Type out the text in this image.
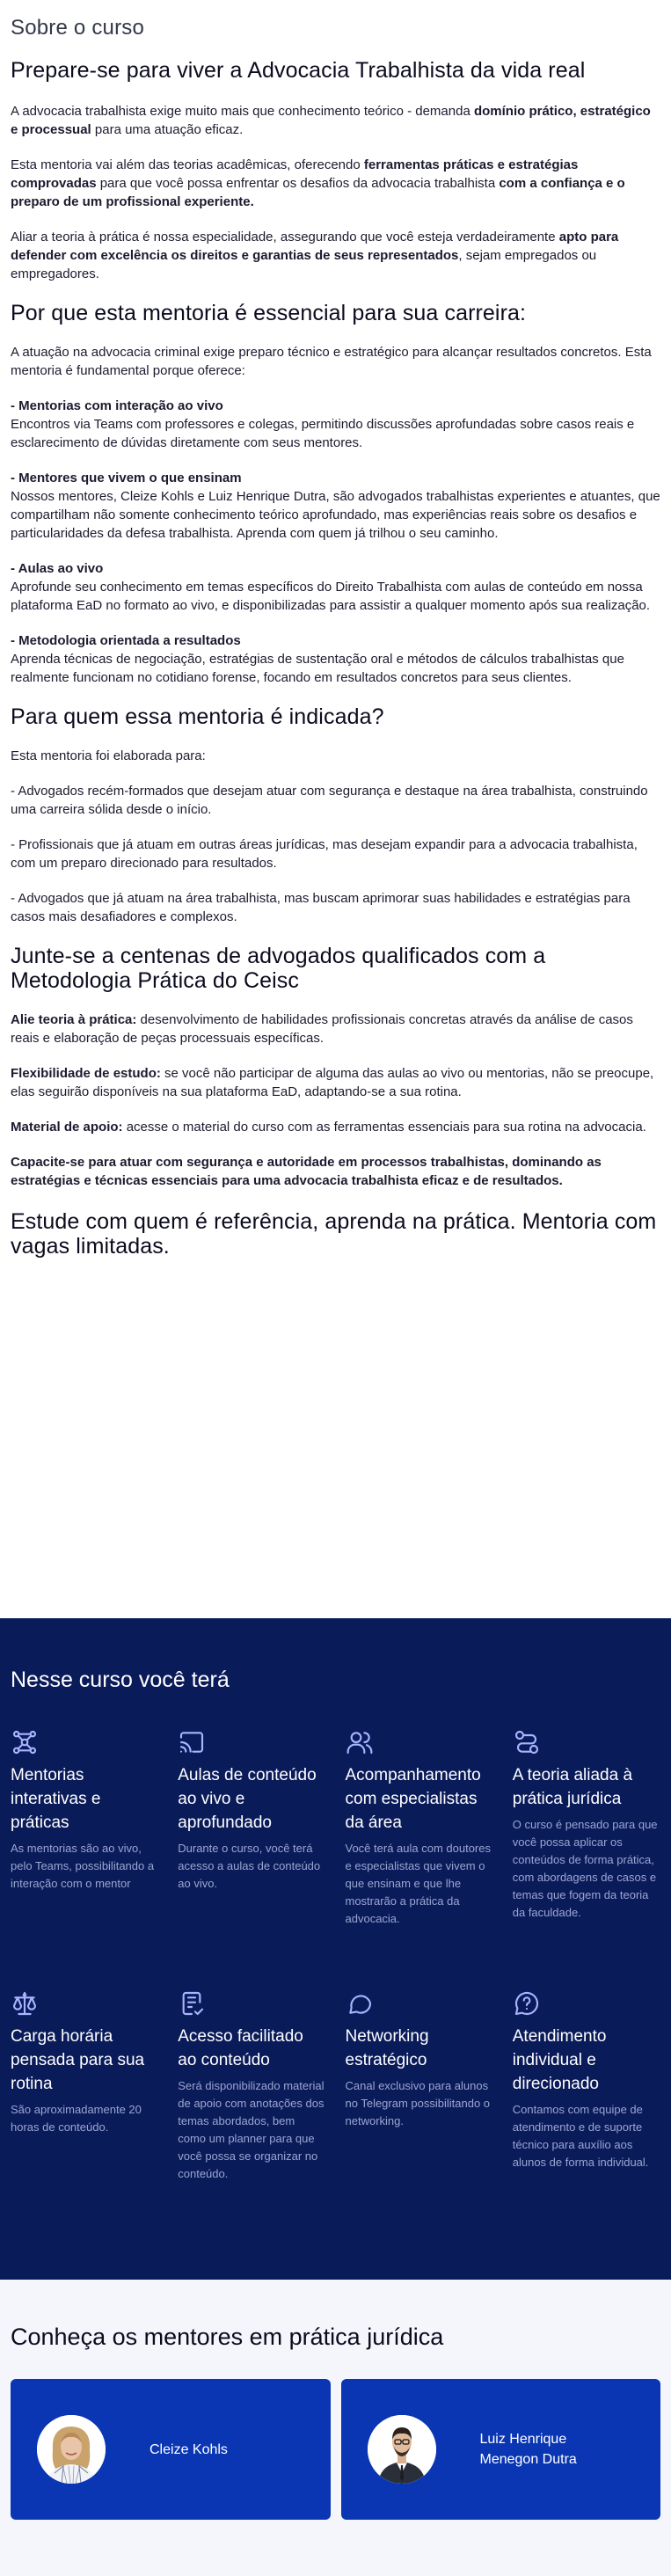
Sobre o curso
Prepare-se para viver a Advocacia Trabalhista da vida real

A advocacia trabalhista exige muito mais que conhecimento teórico - demanda domínio prático, estratégico e processual para uma atuação eficaz.

Esta mentoria vai além das teorias acadêmicas, oferecendo ferramentas práticas e estratégias comprovadas para que você possa enfrentar os desafios da advocacia trabalhista com a confiança e o preparo de um profissional experiente.

Aliar a teoria à prática é nossa especialidade, assegurando que você esteja verdadeiramente apto para defender com excelência os direitos e garantias de seus representados, sejam empregados ou empregadores.

Por que esta mentoria é essencial para sua carreira:

A atuação na advocacia criminal exige preparo técnico e estratégico para alcançar resultados concretos. Esta mentoria é fundamental porque oferece:

- Mentorias com interação ao vivo

Encontros via Teams com professores e colegas, permitindo discussões aprofundadas sobre casos reais e esclarecimento de dúvidas diretamente com seus mentores.

- Mentores que vivem o que ensinam

Nossos mentores, Cleize Kohls e Luiz Henrique Dutra, são advogados trabalhistas experientes e atuantes, que compartilham não somente conhecimento teórico aprofundado, mas experiências reais sobre os desafios e particularidades da defesa trabalhista. Aprenda com quem já trilhou o seu caminho.

- Aulas ao vivo

Aprofunde seu conhecimento em temas específicos do Direito Trabalhista com aulas de conteúdo em nossa plataforma EaD no formato ao vivo, e disponibilizadas para assistir a qualquer momento após sua realização.

- Metodologia orientada a resultados

Aprenda técnicas de negociação, estratégias de sustentação oral e métodos de cálculos trabalhistas que realmente funcionam no cotidiano forense, focando em resultados concretos para seus clientes.

Para quem essa mentoria é indicada?

Esta mentoria foi elaborada para:

- Advogados recém-formados que desejam atuar com segurança e destaque na área trabalhista, construindo uma carreira sólida desde o início.

- Profissionais que já atuam em outras áreas jurídicas, mas desejam expandir para a advocacia trabalhista, com um preparo direcionado para resultados.

- Advogados que já atuam na área trabalhista, mas buscam aprimorar suas habilidades e estratégias para casos mais desafiadores e complexos.

Junte-se a centenas de advogados qualificados com a Metodologia Prática do Ceisc

Alie teoria à prática: desenvolvimento de habilidades profissionais concretas através da análise de casos reais e elaboração de peças processuais específicas.

Flexibilidade de estudo: se você não participar de alguma das aulas ao vivo ou mentorias, não se preocupe, elas seguirão disponíveis na sua plataforma EaD, adaptando-se a sua rotina.

Material de apoio: acesse o material do curso com as ferramentas essenciais para sua rotina na advocacia.

Capacite-se para atuar com segurança e autoridade em processos trabalhistas, dominando as estratégias e técnicas essenciais para uma advocacia trabalhista eficaz e de resultados.

Estude com quem é referência, aprenda na prática. Mentoria com vagas limitadas.
Nesse curso você terá
Mentorias interativas e práticas

As mentorias são ao vivo, pelo Teams, possibilitando a interação com o mentor

Aulas de conteúdo ao vivo e aprofundado

Durante o curso, você terá acesso a aulas de conteúdo ao vivo.

Acompanhamento com especialistas da área

Você terá aula com doutores e especialistas que vivem o que ensinam e que lhe mostrarão a prática da advocacia.

A teoria aliada à prática jurídica

O curso é pensado para que você possa aplicar os conteúdos de forma prática, com abordagens de casos e temas que fogem da teoria da faculdade.

Carga horária pensada para sua rotina

São aproximadamente 20 horas de conteúdo.

Acesso facilitado ao conteúdo

Será disponibilizado material de apoio com anotações dos temas abordados, bem como um planner para que você possa se organizar no conteúdo.

Networking estratégico

Canal exclusivo para alunos no Telegram possibilitando o networking.

Atendimento individual e direcionado

Contamos com equipe de atendimento e de suporte técnico para auxílio aos alunos de forma individual.

Conheça os mentores em prática jurídica
Cleize Kohls
Luiz Henrique Menegon Dutra
